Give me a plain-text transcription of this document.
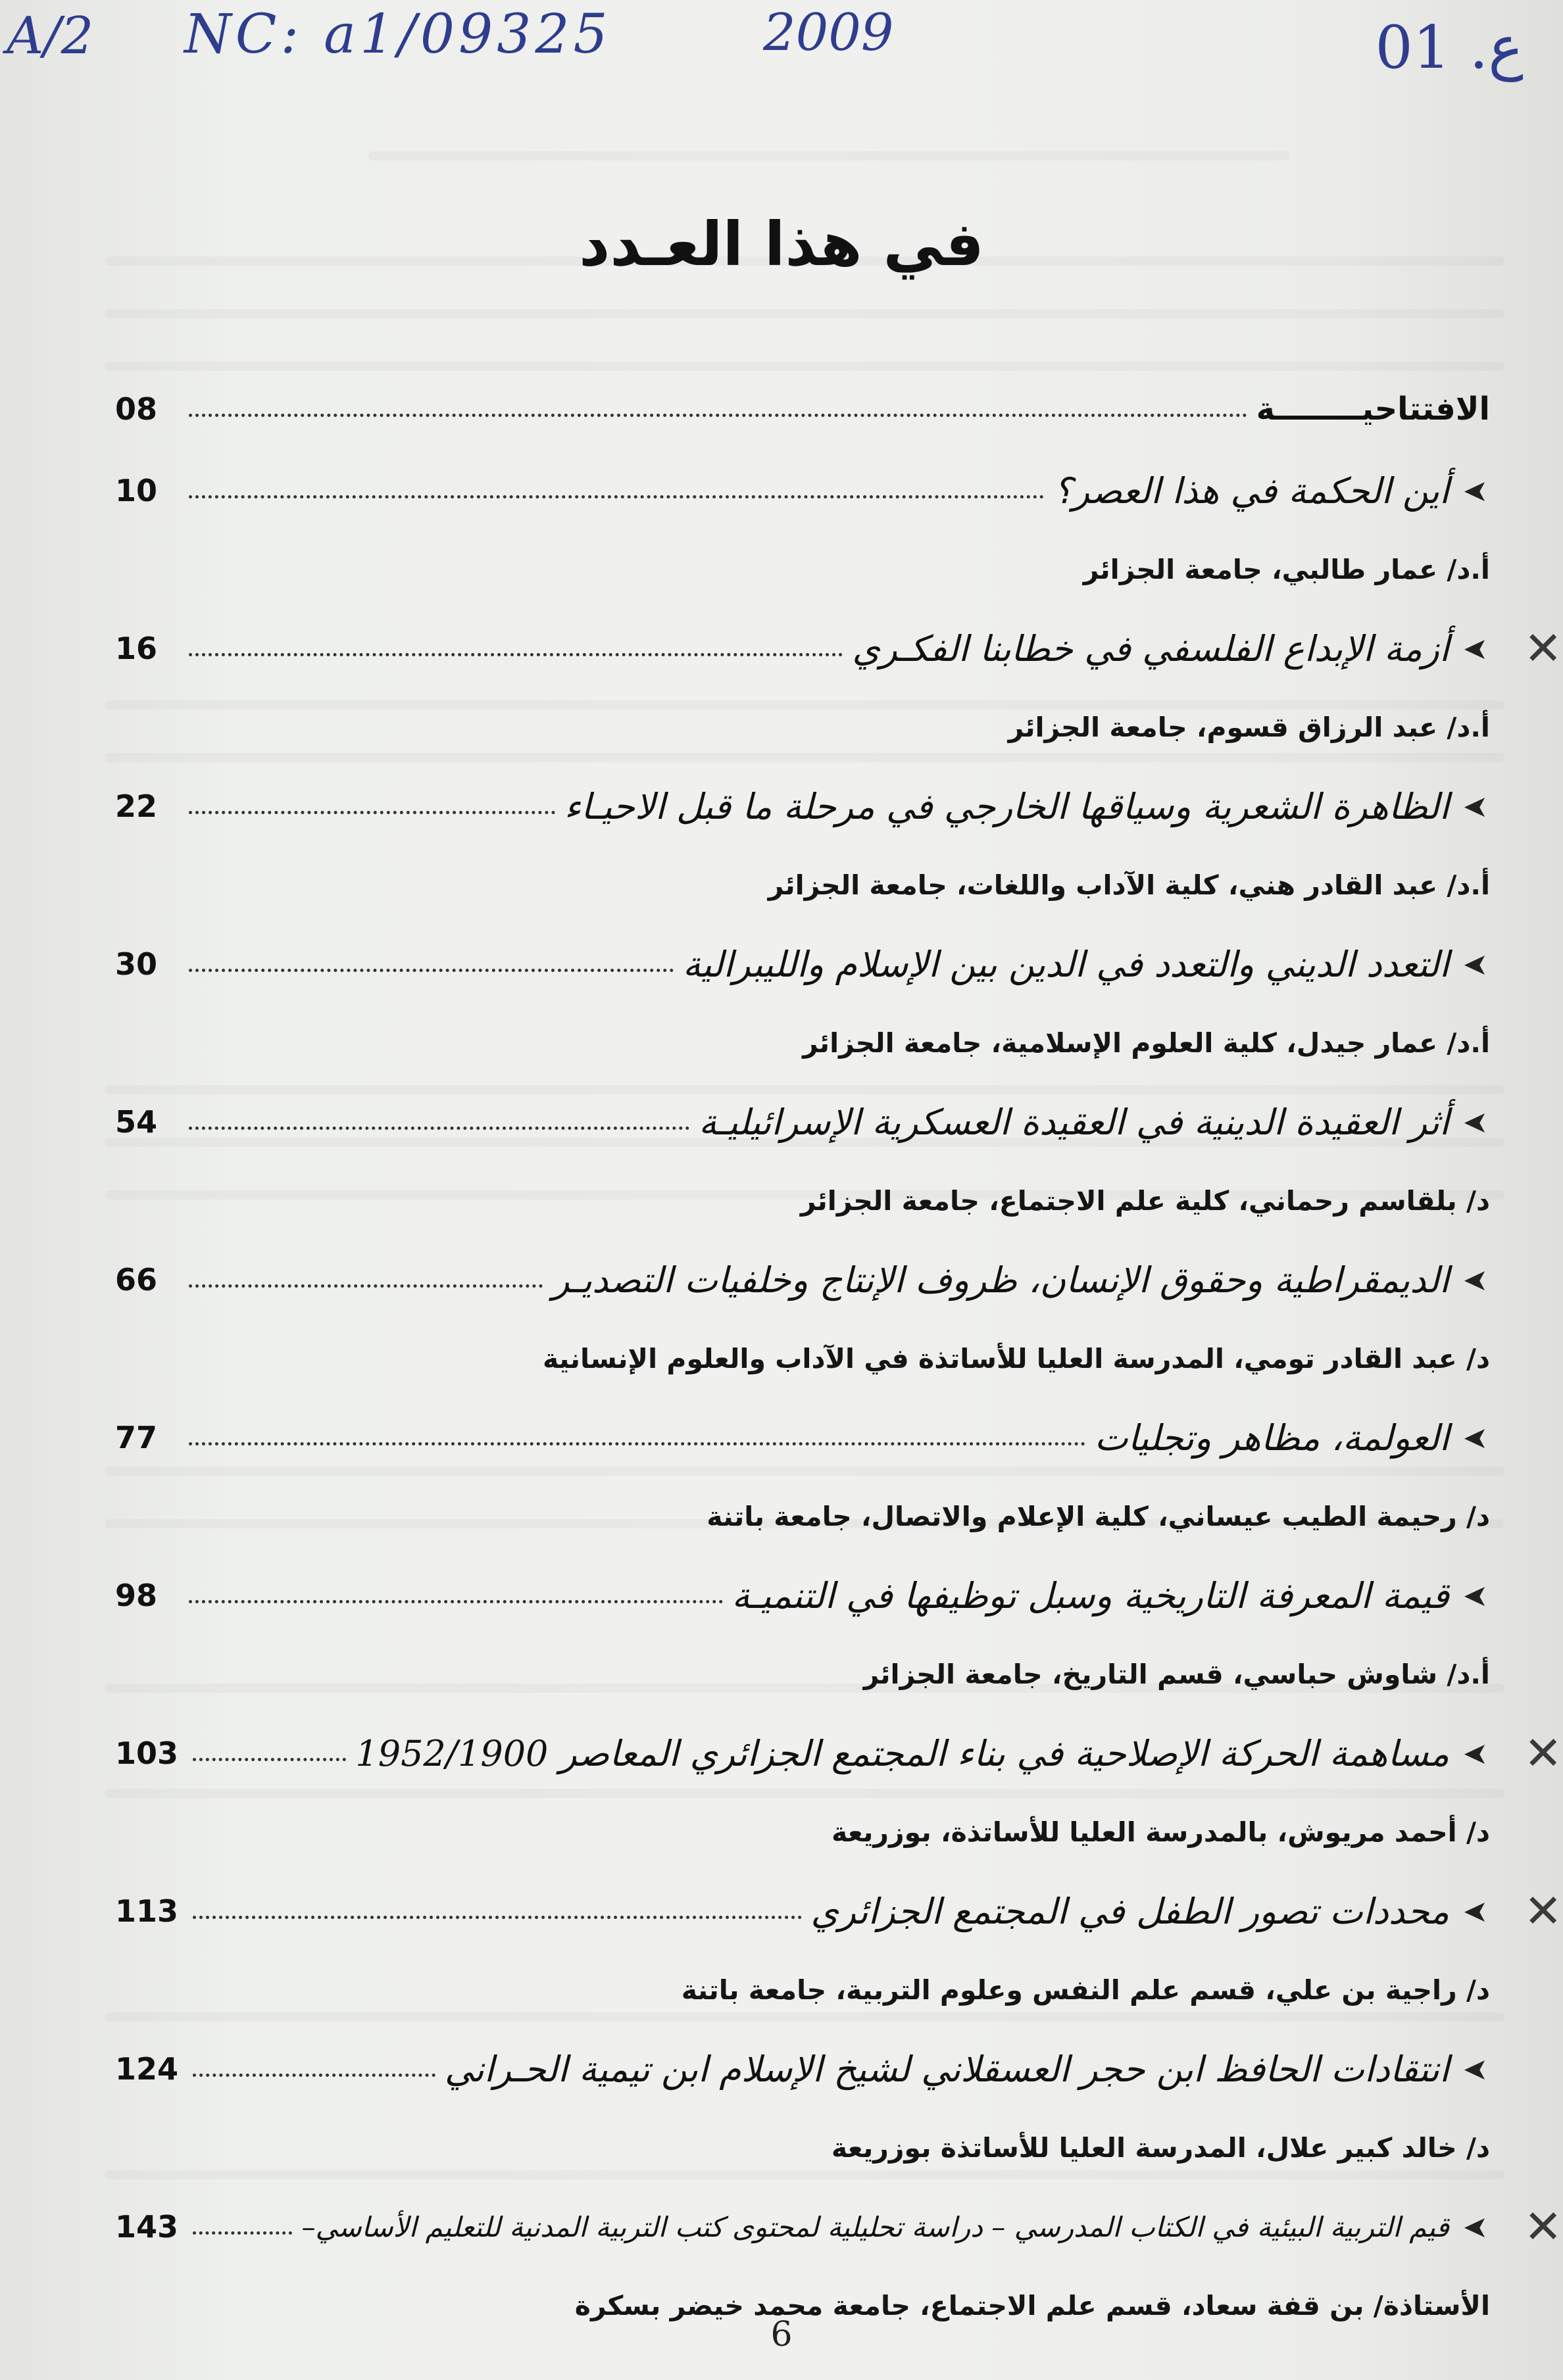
A/2 NC: a1/09325	2009	ع. 01
في هذا العـدد
الافتتاحيــــــــة
08
➤
أين الحكمة في هذا العصر؟
10
أ.د/ عمار طالبي، جامعة الجزائر
✕
➤
أزمة الإبداع الفلسفي في خطابنا الفكـري
16
أ.د/ عبد الرزاق قسوم، جامعة الجزائر
➤
الظاهرة الشعرية وسياقها الخارجي في مرحلة ما قبل الاحيـاء
22
أ.د/ عبد القادر هني، كلية الآداب واللغات، جامعة الجزائر
➤
التعدد الديني والتعدد في الدين بين الإسلام والليبرالية
30
أ.د/ عمار جيدل، كلية العلوم الإسلامية، جامعة الجزائر
➤
أثر العقيدة الدينية في العقيدة العسكرية الإسرائيليـة
54
د/ بلقاسم رحماني، كلية علم الاجتماع، جامعة الجزائر
➤
الديمقراطية وحقوق الإنسان، ظروف الإنتاج وخلفيات التصديـر
66
د/ عبد القادر تومي، المدرسة العليا للأساتذة في الآداب والعلوم الإنسانية
➤
العولمة، مظاهر وتجليات
77
د/ رحيمة الطيب عيساني، كلية الإعلام والاتصال، جامعة باتنة
➤
قيمة المعرفة التاريخية وسبل توظيفها في التنميـة
98
أ.د/ شاوش حباسي، قسم التاريخ، جامعة الجزائر
✕
➤
مساهمة الحركة الإصلاحية في بناء المجتمع الجزائري المعاصر 1952/1900
103
د/ أحمد مريوش، بالمدرسة العليا للأساتذة، بوزريعة
✕
➤
محددات تصور الطفل في المجتمع الجزائري
113
د/ راجية بن علي، قسم علم النفس وعلوم التربية، جامعة باتنة
➤
انتقادات الحافظ ابن حجر العسقلاني لشيخ الإسلام ابن تيمية الحـراني
124
د/ خالد كبير علال، المدرسة العليا للأساتذة بوزريعة
✕
➤
قيم التربية البيئية في الكتاب المدرسي – دراسة تحليلية لمحتوى كتب التربية المدنية للتعليم الأساسي–
143
الأستاذة/ بن قفة سعاد، قسم علم الاجتماع، جامعة محمد خيضر بسكرة
6
